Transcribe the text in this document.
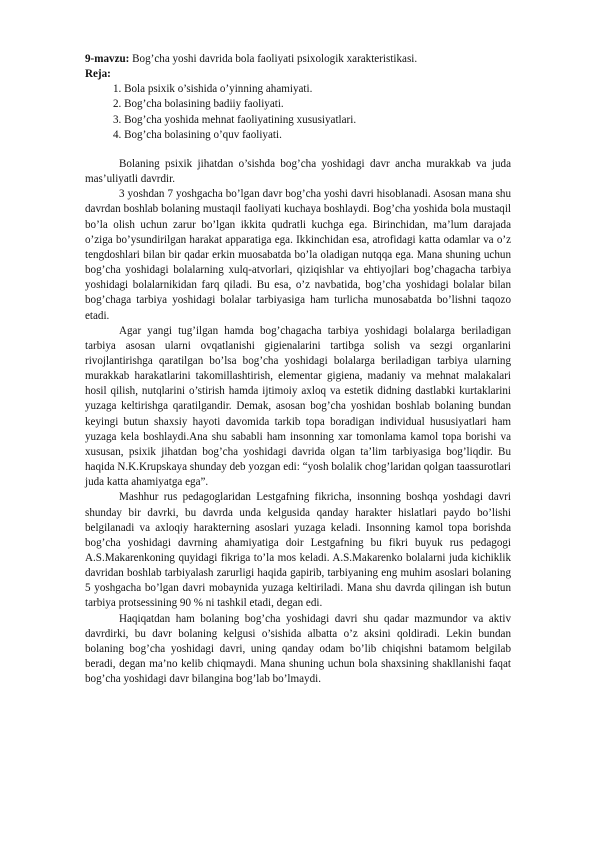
9-mavzu: Bog’cha yoshi davrida bola faoliyati psixologik xarakteristikasi.

Reja:

1. Bola psixik o’sishida o’yinning ahamiyati.
2. Bog’cha bolasining badiiy faoliyati.
3. Bog’cha yoshida mehnat faoliyatining xususiyatlari.
4. Bog’cha bolasining o’quv faoliyati.

Bolaning psixik jihatdan o’sishda bog’cha yoshidagi davr ancha murakkab va juda mas’uliyatli davrdir.

3 yoshdan 7 yoshgacha bo’lgan davr bog’cha yoshi davri hisoblanadi. Asosan mana shu davrdan boshlab bolaning mustaqil faoliyati kuchaya boshlaydi. Bog’cha yoshida bola mustaqil bo’la olish uchun zarur bo’lgan ikkita qudratli kuchga ega. Birinchidan, ma’lum darajada o’ziga bo’ysundirilgan harakat apparatiga ega. Ikkinchidan esa, atrofidagi katta odamlar va o’z tengdoshlari bilan bir qadar erkin muosabatda bo’la oladigan nutqqa ega. Mana shuning uchun bog’cha yoshidagi bolalarning xulq-atvorlari, qiziqishlar va ehtiyojlari bog’chagacha tarbiya yoshidagi bolalarnikidan farq qiladi. Bu esa, o’z navbatida, bog’cha yoshidagi bolalar bilan bog’chaga tarbiya yoshidagi bolalar tarbiyasiga ham turlicha munosabatda bo’lishni taqozo etadi.

Agar yangi tug’ilgan hamda bog’chagacha tarbiya yoshidagi bolalarga beriladigan tarbiya asosan ularni ovqatlanishi gigienalarini tartibga solish va sezgi organlarini rivojlantirishga qaratilgan bo’lsa bog’cha yoshidagi bolalarga beriladigan tarbiya ularning murakkab harakatlarini takomillashtirish, elementar gigiena, madaniy va mehnat malakalari hosil qilish, nutqlarini o’stirish hamda ijtimoiy axloq va estetik didning dastlabki kurtaklarini yuzaga keltirishga qaratilgandir. Demak, asosan bog’cha yoshidan boshlab bolaning bundan keyingi butun shaxsiy hayoti davomida tarkib topa boradigan individual hususiyatlari ham yuzaga kela boshlaydi.Ana shu sababli ham insonning xar tomonlama kamol topa borishi va xususan, psixik jihatdan bog’cha yoshidagi davrida olgan ta’lim tarbiyasiga bog’liqdir. Bu haqida N.K.Krupskaya shunday deb yozgan edi: “yosh bolalik chog’laridan qolgan taassurotlari juda katta ahamiyatga ega”.

Mashhur rus pedagoglaridan Lestgafning fikricha, insonning boshqa yoshdagi davri shunday bir davrki, bu davrda unda kelgusida qanday harakter hislatlari paydo bo’lishi belgilanadi va axloqiy harakterning asoslari yuzaga keladi. Insonning kamol topa borishda bog’cha yoshidagi davrning ahamiyatiga doir Lestgafning bu fikri buyuk rus pedagogi A.S.Makarenkoning quyidagi fikriga to’la mos keladi. A.S.Makarenko bolalarni juda kichiklik davridan boshlab tarbiyalash zarurligi haqida gapirib, tarbiyaning eng muhim asoslari bolaning 5 yoshgacha bo’lgan davri mobaynida yuzaga keltiriladi. Mana shu davrda qilingan ish butun tarbiya protsessining 90 % ni tashkil etadi, degan edi.

Haqiqatdan ham bolaning bog’cha yoshidagi davri shu qadar mazmundor va aktiv davrdirki, bu davr bolaning kelgusi o’sishida albatta o’z aksini qoldiradi. Lekin bundan bolaning bog’cha yoshidagi davri, uning qanday odam bo’lib chiqishni batamom belgilab beradi, degan ma’no kelib chiqmaydi. Mana shuning uchun bola shaxsining shakllanishi faqat bog’cha yoshidagi davr bilangina bog’lab bo’lmaydi.
